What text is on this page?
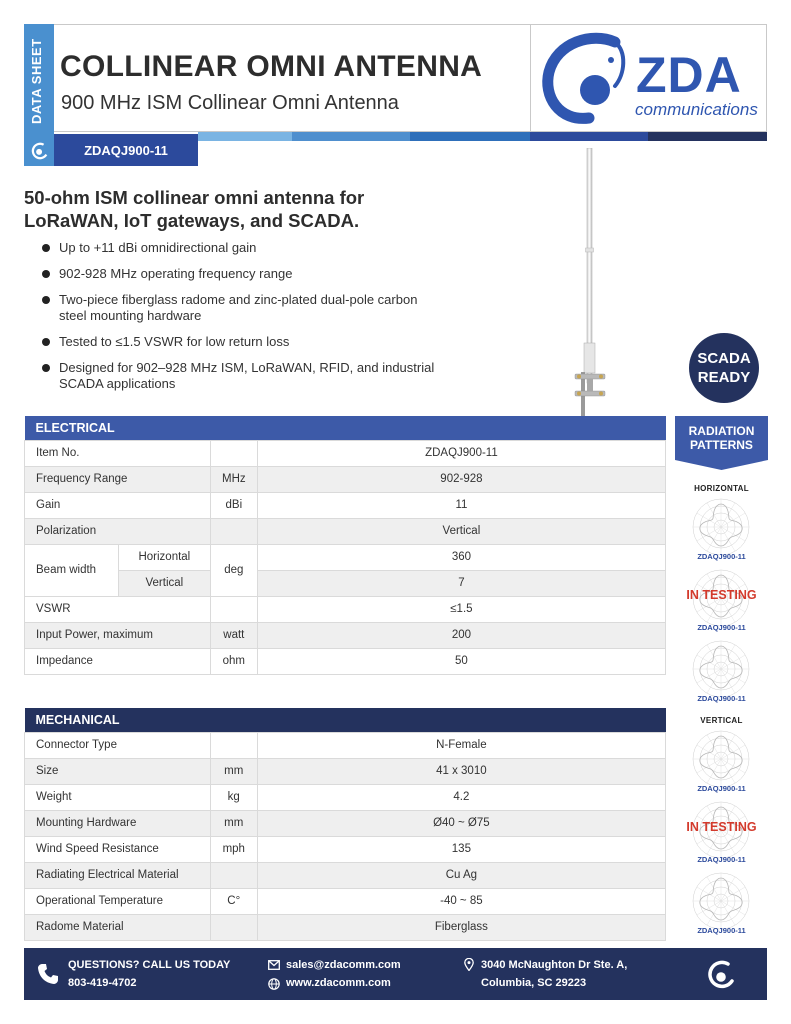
DATA SHEET COLLINEAR OMNI ANTENNA
900 MHz ISM Collinear Omni Antenna
ZDAQJ900-11
ZDA
communications
50-ohm ISM collinear omni antenna for LoRaWAN, IoT gateways, and SCADA.
Up to +11 dBi omnidirectional gain
902-928 MHz operating frequency range
Two-piece fiberglass radome and zinc-plated dual-pole carbon steel mounting hardware
Tested to ≤1.5 VSWR for low return loss
Designed for 902–928 MHz ISM, LoRaWAN, RFID, and industrial SCADA applications
SCADA
READY
ELECTRICAL			
Item No.			ZDAQJ900-11
Frequency Range		MHz	902-928
Gain		dBi	11
Polarization			Vertical
Beam width	Horizontal	deg	360
	Vertical		7
VSWR			≤1.5
Input Power, maximum		watt	200
Impedance		ohm	50
MECHANICAL		
Connector Type		N-Female
Size	mm	41 x 3010
Weight	kg	4.2
Mounting Hardware	mm	Ø40 ~ Ø75
Wind Speed Resistance	mph	135
Radiating Electrical Material		Cu Ag
Operational Temperature	C°	-40 ~ 85
Radome Material		Fiberglass
RADIATION
PATTERNS
HORIZONTAL
ZDAQJ900-11
IN TESTING
ZDAQJ900-11
ZDAQJ900-11
VERTICAL
ZDAQJ900-11
IN TESTING
ZDAQJ900-11
ZDAQJ900-11
QUESTIONS? CALL US TODAY
803-419-4702
sales@zdacomm.com
www.zdacomm.com
3040 McNaughton Dr Ste. A,
Columbia, SC 29223
